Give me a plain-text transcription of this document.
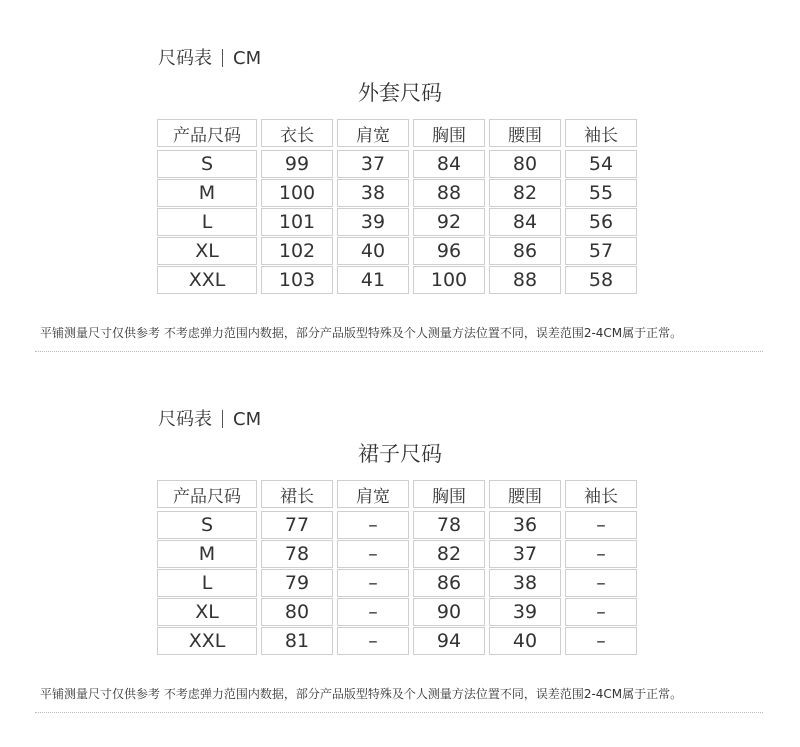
尺码表 CM
外套尺码
产品尺码	衣长	肩宽	胸围	腰围	袖长
S	99	37	84	80	54
M	100	38	88	82	55
L	101	39	92	84	56
XL	102	40	96	86	57
XXL	103	41	100	88	58
平铺测量尺寸仅供参考 不考虑弹力范围内数据，部分产品版型特殊及个人测量方法位置不同，误差范围2-4CM属于正常。
尺码表 CM
裙子尺码
产品尺码	裙长	肩宽	胸围	腰围	袖长
S	77	–	78	36	–
M	78	–	82	37	–
L	79	–	86	38	–
XL	80	–	90	39	–
XXL	81	–	94	40	–
平铺测量尺寸仅供参考 不考虑弹力范围内数据，部分产品版型特殊及个人测量方法位置不同，误差范围2-4CM属于正常。
